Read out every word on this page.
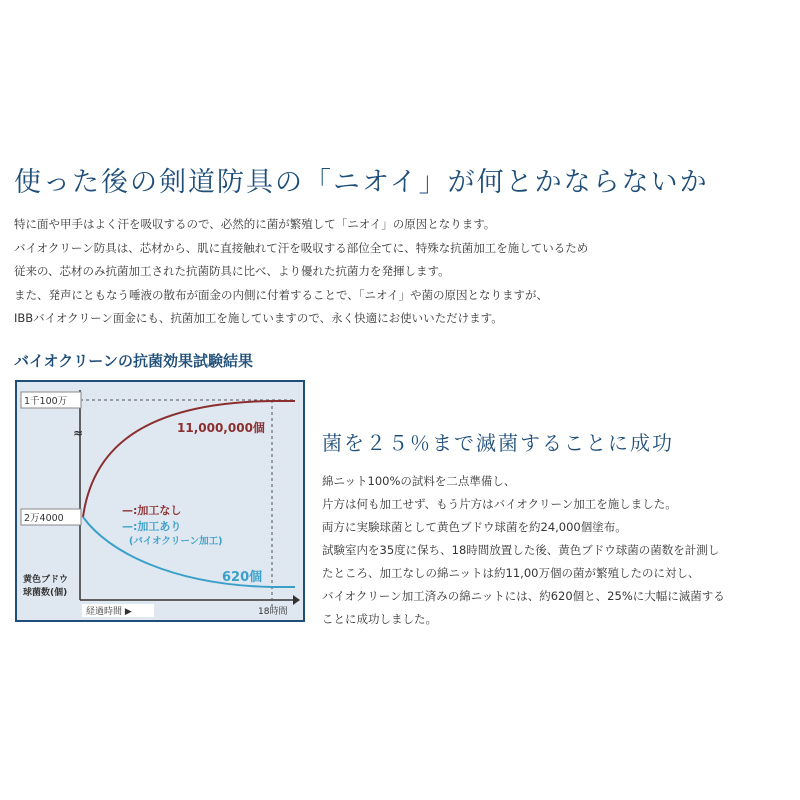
使った後の剣道防具の「ニオイ」が何とかならないか
特に面や甲手はよく汗を吸収するので、必然的に菌が繁殖して「ニオイ」の原因となります。
バイオクリーン防具は、芯材から、肌に直接触れて汗を吸収する部位全てに、特殊な抗菌加工を施しているため
従来の、芯材のみ抗菌加工された抗菌防具に比べ、より優れた抗菌力を発揮します。
また、発声にともなう唾液の散布が面金の内側に付着することで、「ニオイ」や菌の原因となりますが、
IBBバイオクリーン面金にも、抗菌加工を施していますので、永く快適にお使いいただけます。
バイオクリーンの抗菌効果試験結果
≈
1千100万
2万4000
黄色ブドウ
球菌数(個)
経過時間 ▶	18時間
11,000,000個
620個
—:加工なし
—:加工あり
(バイオクリーン加工)
菌を２５％まで滅菌することに成功
綿ニット100%の試料を二点準備し、
片方は何も加工せず、もう片方はバイオクリーン加工を施しました。
両方に実験球菌として黄色ブドウ球菌を約24,000個塗布。
試験室内を35度に保ち、18時間放置した後、黄色ブドウ球菌の菌数を計測し
たところ、加工なしの綿ニットは約11,00万個の菌が繁殖したのに対し、
バイオクリーン加工済みの綿ニットには、約620個と、25%に大幅に滅菌する
ことに成功しました。
